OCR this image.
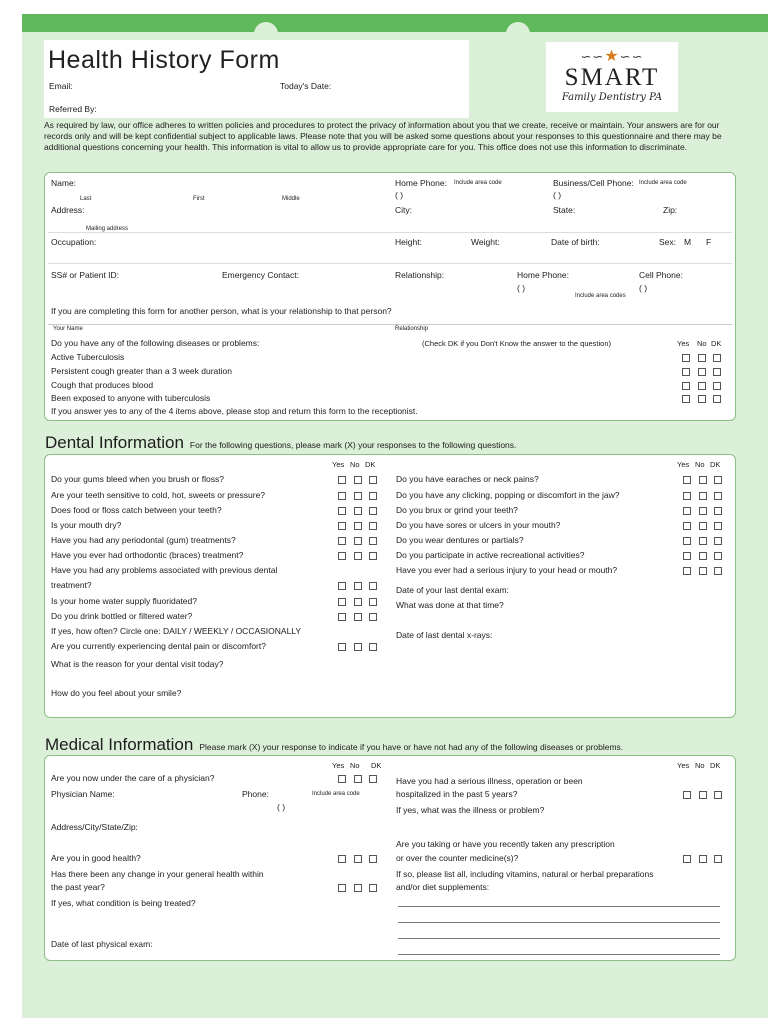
Health History Form
Email:	Today's Date:
Referred By:
∽∽★∽∽
SMART
Family Dentistry PA
As required by law, our office adheres to written policies and procedures to protect the privacy of information about you that we create, receive or maintain. Your answers are for our records only and will be kept confidential subject to applicable laws. Please note that you will be asked some questions about your responses to this questionnaire and there may be additional questions concerning your health. This information is vital to allow us to provide appropriate care for you. This office does not use this information to discriminate.
Name:
Last	First	Middle
Home Phone: Include area code
( )
Business/Cell Phone: Include area code
( )
Address:
Mailing address
City:	State:	Zip:
Occupation:	Height:	Weight:	Date of birth:	Sex: M F
SS# or Patient ID:	Emergency Contact:	Relationship:	Home Phone:
( )
Cell Phone:
( )
Include area codes
If you are completing this form for another person, what is your relationship to that person?
Your Name	Relationship
Do you have any of the following diseases or problems:	(Check DK if you Don't Know the answer to the question)	Yes No DK
Active Tuberculosis
Persistent cough greater than a 3 week duration
Cough that produces blood
Been exposed to anyone with tuberculosis
If you answer yes to any of the 4 items above, please stop and return this form to the receptionist.
Dental Information For the following questions, please mark (X) your responses to the following questions.
Yes No DK	Yes No DK
Do your gums bleed when you brush or floss?
Are your teeth sensitive to cold, hot, sweets or pressure?
Does food or floss catch between your teeth?
Is your mouth dry?
Have you had any periodontal (gum) treatments?
Have you ever had orthodontic (braces) treatment?
Have you had any problems associated with previous dental
treatment?
Is your home water supply fluoridated?
Do you drink bottled or filtered water?
If yes, how often? Circle one: DAILY / WEEKLY / OCCASIONALLY
Are you currently experiencing dental pain or discomfort?
What is the reason for your dental visit today?
How do you feel about your smile?
Do you have earaches or neck pains?
Do you have any clicking, popping or discomfort in the jaw?
Do you brux or grind your teeth?
Do you have sores or ulcers in your mouth?
Do you wear dentures or partials?
Do you participate in active recreational activities?
Have you ever had a serious injury to your head or mouth?
Date of your last dental exam:
What was done at that time?
Date of last dental x-rays:
Medical Information Please mark (X) your response to indicate if you have or have not had any of the following diseases or problems.
Yes No DK	Yes No DK
Are you now under the care of a physician?
Physician Name:	Phone:	Include area code
( )
Address/City/State/Zip:
Are you in good health?
Has there been any change in your general health within
the past year?
If yes, what condition is being treated?
Date of last physical exam:
Have you had a serious illness, operation or been
hospitalized in the past 5 years?
If yes, what was the illness or problem?
Are you taking or have you recently taken any prescription
or over the counter medicine(s)?
If so, please list all, including vitamins, natural or herbal preparations
and/or diet supplements:
